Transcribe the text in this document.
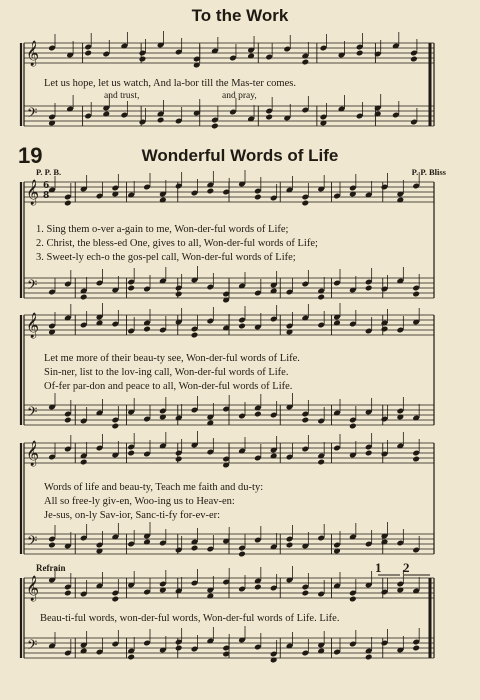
𝄞
𝄢
𝄞
𝄢
6
8
𝄞
𝄢
𝄞
𝄢
𝄞
𝄢
To the Work
Let us hope, let us watch, And la-bor till the Mas-ter comes.
and trust,	and pray,
19	Wonderful Words of Life
P. P. B.	P. P. Bliss
1. Sing them o-ver a-gain to me, Won-der-ful words of Life;
2. Christ, the bless-ed One, gives to all, Won-der-ful words of Life;
3. Sweet-ly ech-o the gos-pel call, Won-der-ful words of Life;
Let me more of their beau-ty see, Won-der-ful words of Life.
Sin-ner, list to the lov-ing call, Won-der-ful words of Life.
Of-fer par-don and peace to all, Won-der-ful words of Life.
Words of life and beau-ty, Teach me faith and du-ty:
All so free-ly giv-en, Woo-ing us to Heav-en:
Je-sus, on-ly Sav-ior, Sanc-ti-fy for-ev-er:
Refrain	1 2
Beau-ti-ful words, won-der-ful words, Won-der-ful words of Life. Life.
